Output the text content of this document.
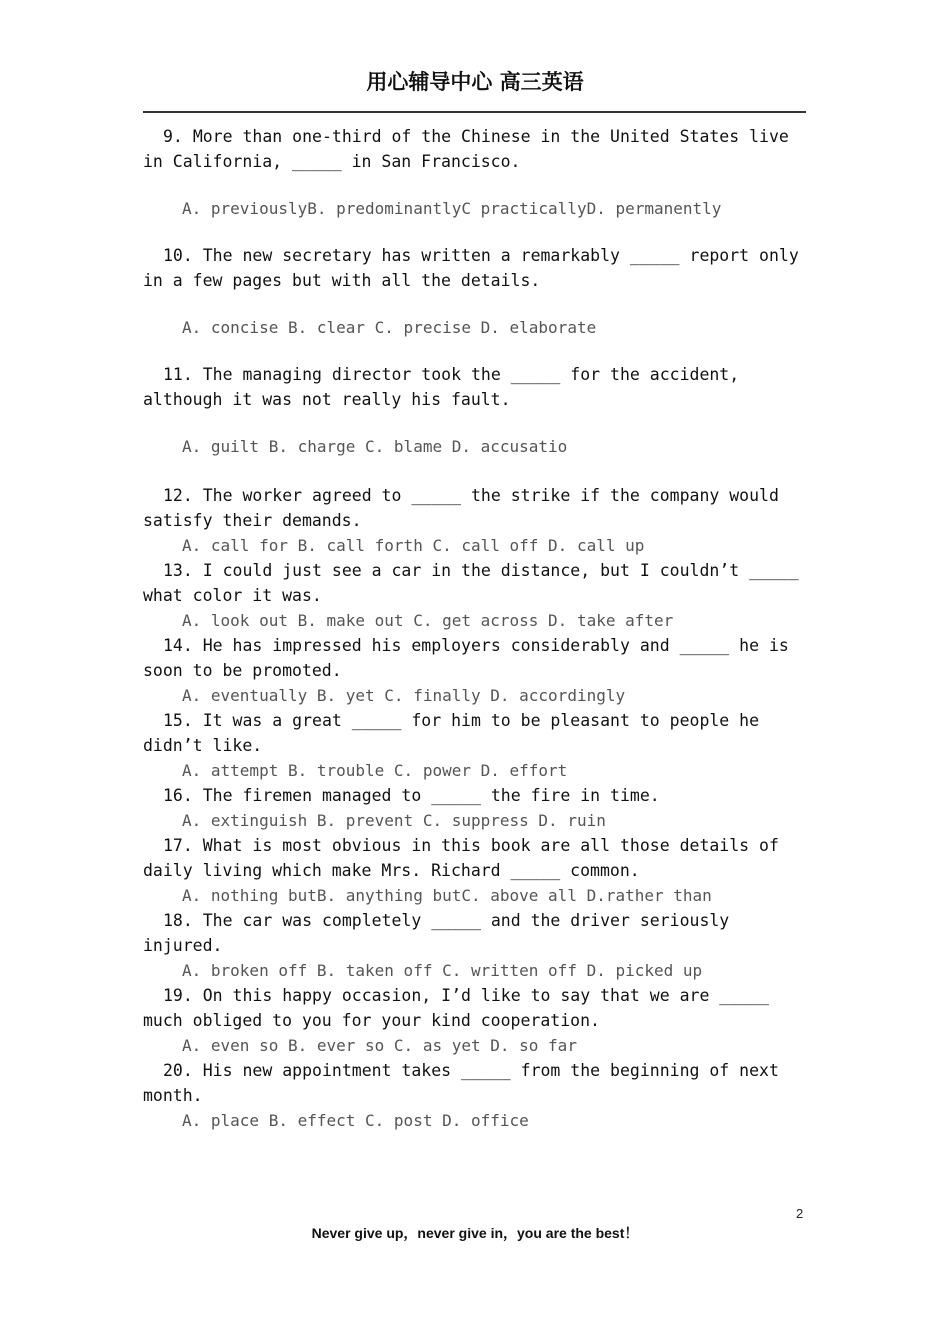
用心辅导中心 高三英语

9. More than one-third of the Chinese in the United States live in California, _____ in San Francisco.

A. previouslyB. predominantlyC practicallyD. permanently

10. The new secretary has written a remarkably _____ report only in a few pages but with all the details.

A. concise B. clear C. precise D. elaborate

11. The managing director took the _____ for the accident, although it was not really his fault.

A. guilt B. charge C. blame D. accusatio

12. The worker agreed to _____ the strike if the company would satisfy their demands.

A. call for B. call forth C. call off D. call up

13. I could just see a car in the distance, but I couldn’t _____ what color it was.

A. look out B. make out C. get across D. take after

14. He has impressed his employers considerably and _____ he is soon to be promoted.

A. eventually B. yet C. finally D. accordingly

15. It was a great _____ for him to be pleasant to people he didn’t like.

A. attempt B. trouble C. power D. effort

16. The firemen managed to _____ the fire in time.

A. extinguish B. prevent C. suppress D. ruin

17. What is most obvious in this book are all those details of daily living which make Mrs. Richard _____ common.

A. nothing butB. anything butC. above all D.rather than

18. The car was completely _____ and the driver seriously injured.

A. broken off B. taken off C. written off D. picked up

19. On this happy occasion, I’d like to say that we are _____ much obliged to you for your kind cooperation.

A. even so B. ever so C. as yet D. so far

20. His new appointment takes _____ from the beginning of next month.

A. place B. effect C. post D. office

2
Never give up，never give in，you are the best！
